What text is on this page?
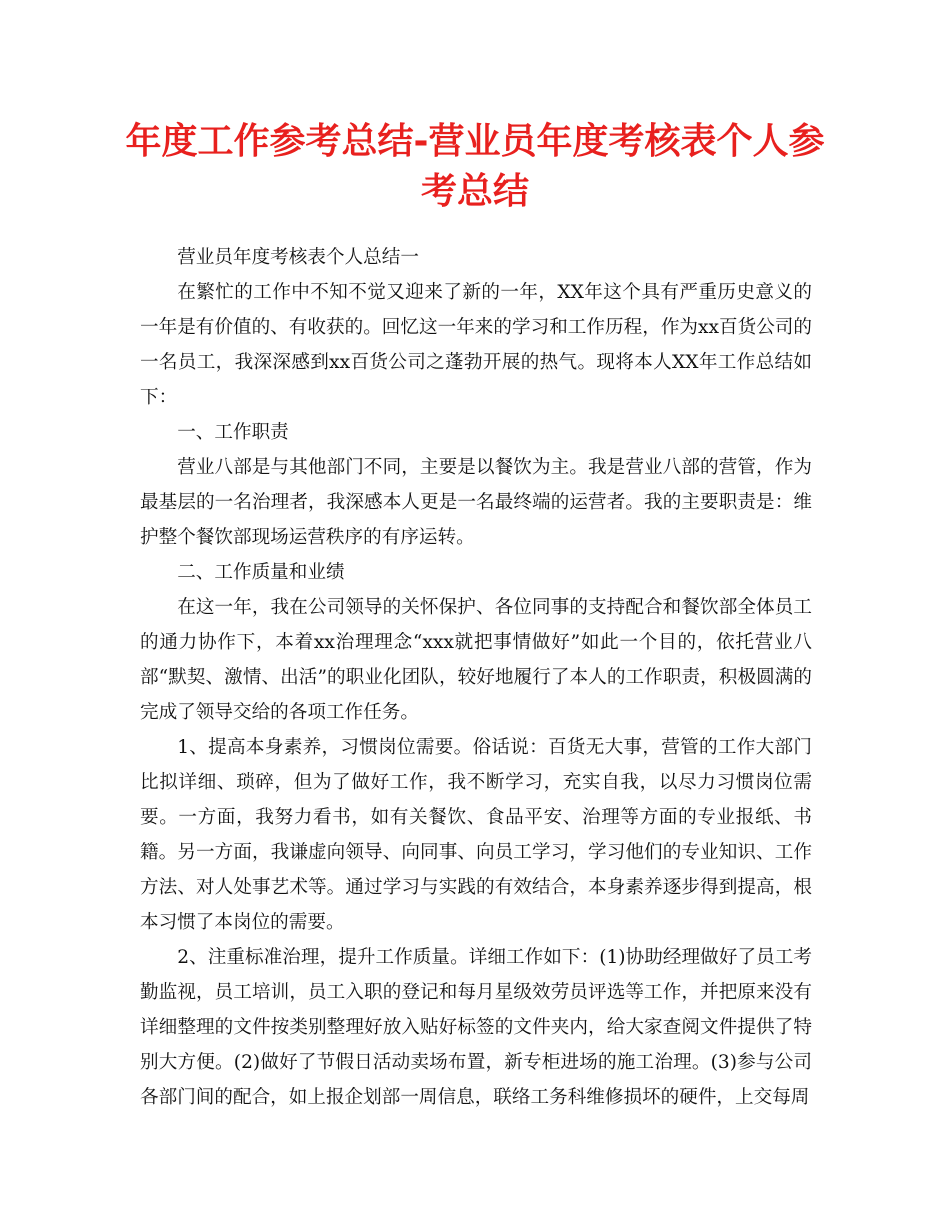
年度工作参考总结-营业员年度考核表个人参考总结

营业员年度考核表个人总结一

在繁忙的工作中不知不觉又迎来了新的一年，XX年这个具有严重历史意义的一年是有价值的、有收获的。回忆这一年来的学习和工作历程，作为xx百货公司的一名员工，我深深感到xx百货公司之蓬勃开展的热气。现将本人XX年工作总结如下：

一、工作职责

营业八部是与其他部门不同，主要是以餐饮为主。我是营业八部的营管，作为最基层的一名治理者，我深感本人更是一名最终端的运营者。我的主要职责是：维护整个餐饮部现场运营秩序的有序运转。

二、工作质量和业绩

在这一年，我在公司领导的关怀保护、各位同事的支持配合和餐饮部全体员工的通力协作下，本着xx治理理念“xxx就把事情做好”如此一个目的，依托营业八部“默契、激情、出活”的职业化团队，较好地履行了本人的工作职责，积极圆满的完成了领导交给的各项工作任务。

1、提高本身素养，习惯岗位需要。俗话说：百货无大事，营管的工作大部门比拟详细、琐碎，但为了做好工作，我不断学习，充实自我，以尽力习惯岗位需要。一方面，我努力看书，如有关餐饮、食品平安、治理等方面的专业报纸、书籍。另一方面，我谦虚向领导、向同事、向员工学习，学习他们的专业知识、工作方法、对人处事艺术等。通过学习与实践的有效结合，本身素养逐步得到提高，根本习惯了本岗位的需要。

2、注重标准治理，提升工作质量。详细工作如下：(1)协助经理做好了员工考勤监视，员工培训，员工入职的登记和每月星级效劳员评选等工作，并把原来没有详细整理的文件按类别整理好放入贴好标签的文件夹内，给大家查阅文件提供了特别大方便。(2)做好了节假日活动卖场布置，新专柜进场的施工治理。(3)参与公司各部门间的配合，如上报企划部一周信息，联络工务科维修损坏的硬件，上交每周
